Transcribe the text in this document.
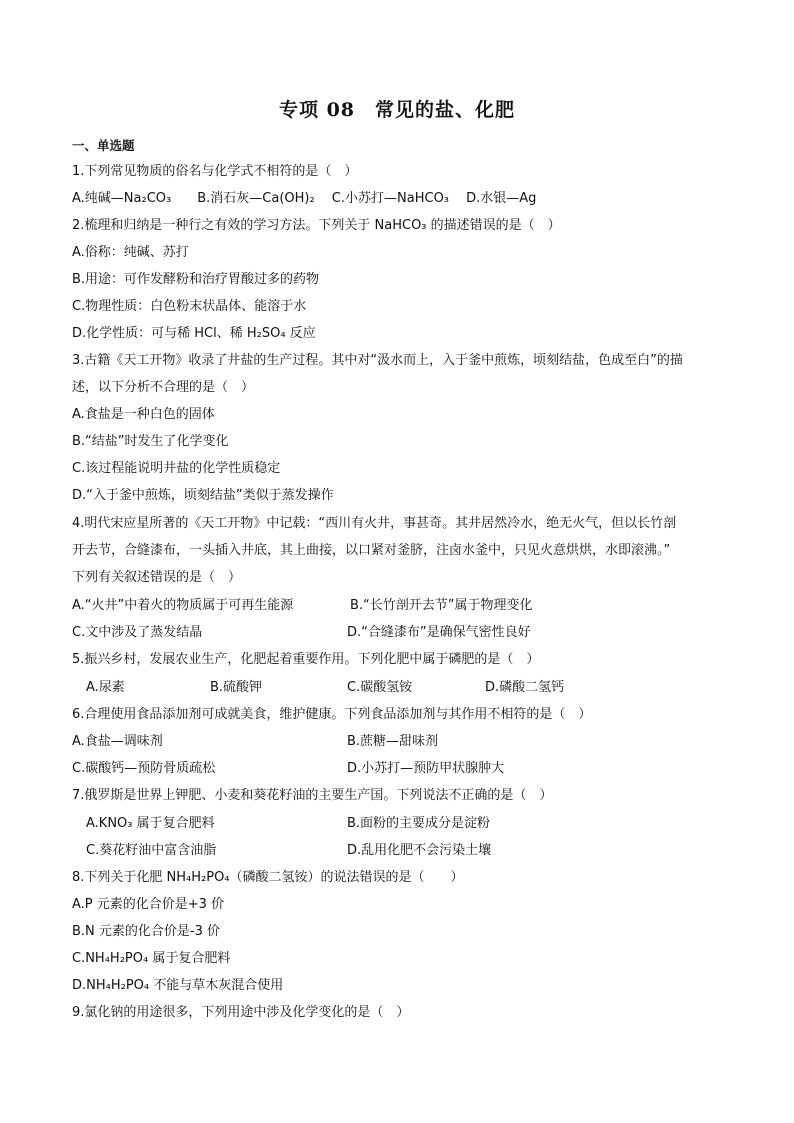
专项 08　常见的盐、化肥
一、单选题
1.下列常见物质的俗名与化学式不相符的是（　）
A.纯碱—Na₂CO₃　　B.消石灰—Ca(OH)₂　 C.小苏打—NaHCO₃　 D.水银—Ag
2.梳理和归纳是一种行之有效的学习方法。下列关于 NaHCO₃ 的描述错误的是（　）
A.俗称：纯碱、苏打
B.用途：可作发酵粉和治疗胃酸过多的药物
C.物理性质：白色粉末状晶体、能溶于水
D.化学性质：可与稀 HCl、稀 H₂SO₄ 反应
3.古籍《天工开物》收录了井盐的生产过程。其中对“汲水而上，入于釜中煎炼，顷刻结盐，色成至白”的描
述，以下分析不合理的是（　）
A.食盐是一种白色的固体
B.“结盐”时发生了化学变化
C.该过程能说明井盐的化学性质稳定
D.“入于釜中煎炼，顷刻结盐”类似于蒸发操作
4.明代宋应星所著的《天工开物》中记载：“西川有火井，事甚奇。其井居然冷水，绝无火气，但以长竹剖
开去节，合缝漆布，一头插入井底，其上曲接，以口紧对釜脐，注卤水釜中，只见火意烘烘，水即滚沸。”
下列有关叙述错误的是（　）
A.“火井”中着火的物质属于可再生能源	B.“长竹剖开去节”属于物理变化
C.文中涉及了蒸发结晶	D.“合缝漆布”是确保气密性良好
5.振兴乡村，发展农业生产，化肥起着重要作用。下列化肥中属于磷肥的是（　）
A.尿素	B.硫酸钾	C.碳酸氢铵	D.磷酸二氢钙
6.合理使用食品添加剂可成就美食，维护健康。下列食品添加剂与其作用不相符的是（　）
A.食盐—调味剂	B.蔗糖—甜味剂
C.碳酸钙—预防骨质疏松	D.小苏打—预防甲状腺肿大
7.俄罗斯是世界上钾肥、小麦和葵花籽油的主要生产国。下列说法不正确的是（　）
A.KNO₃ 属于复合肥料	B.面粉的主要成分是淀粉
C.葵花籽油中富含油脂	D.乱用化肥不会污染土壤
8.下列关于化肥 NH₄H₂PO₄（磷酸二氢铵）的说法错误的是（　　）
A.P 元素的化合价是+3 价
B.N 元素的化合价是-3 价
C.NH₄H₂PO₄ 属于复合肥料
D.NH₄H₂PO₄ 不能与草木灰混合使用
9.氯化钠的用途很多，下列用途中涉及化学变化的是（　）
